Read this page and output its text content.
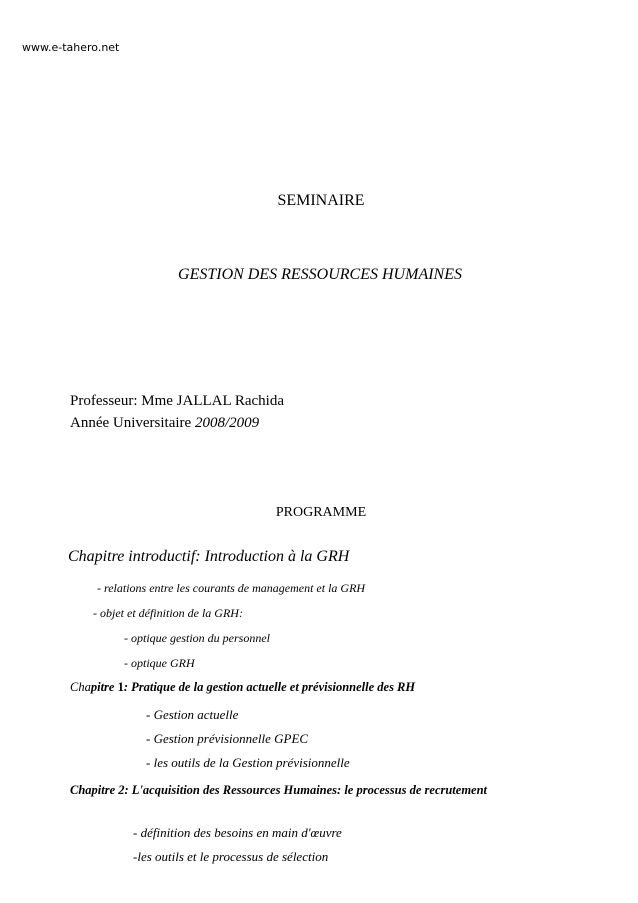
www.e-tahero.net
SEMINAIRE
GESTION DES RESSOURCES HUMAINES
Professeur: Mme JALLAL Rachida
Année Universitaire 2008/2009
PROGRAMME
Chapitre introductif: Introduction à la GRH
- relations entre les courants de management et la GRH
- objet et définition de la GRH:
- optique gestion du personnel
- optique GRH
Chapitre 1: Pratique de la gestion actuelle et prévisionnelle des RH
- Gestion actuelle
- Gestion prévisionnelle GPEC
- les outils de la Gestion prévisionnelle
Chapitre 2: L'acquisition des Ressources Humaines: le processus de recrutement
- définition des besoins en main d'œuvre
-les outils et le processus de sélection
